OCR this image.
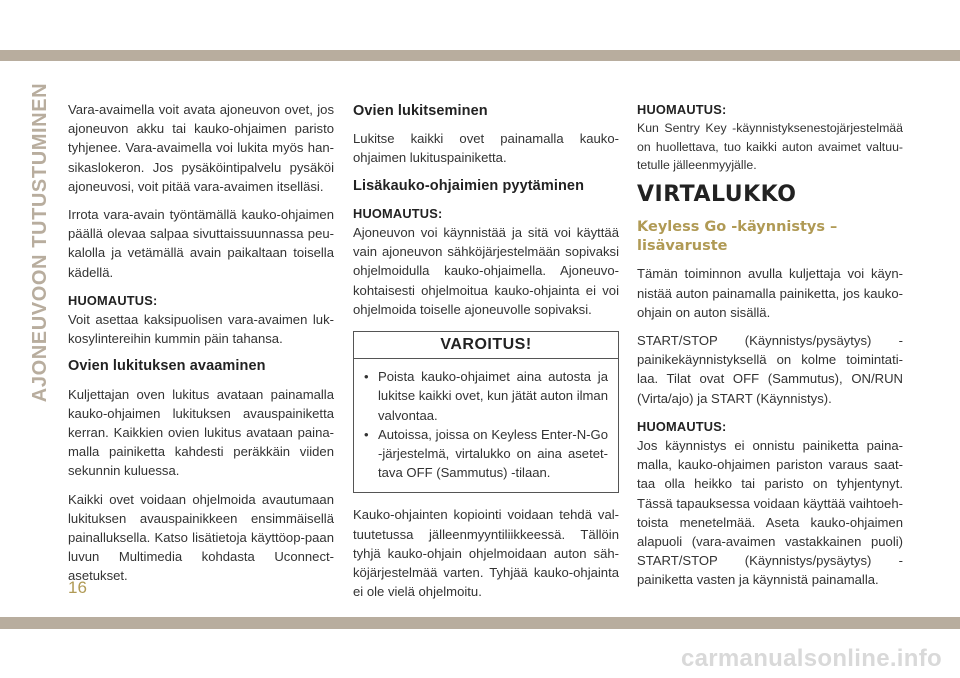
AJONEUVOON TUTUSTUMINEN Vara-avaimella voit avata ajoneuvon ovet, jos ajoneuvon akku tai kauko-ohjaimen paristo tyhjenee. Vara-avaimella voi lukita myös han-sikaslokeron. Jos pysäköintipalvelu pysäköi ajoneuvosi, voit pitää vara-avaimen itselläsi.

Irrota vara-avain työntämällä kauko-ohjaimen päällä olevaa salpaa sivuttaissuunnassa peu-kalolla ja vetämällä avain paikaltaan toisella kädellä.

HUOMAUTUS:

Voit asettaa kaksipuolisen vara-avaimen luk-kosylintereihin kummin päin tahansa.

Ovien lukituksen avaaminen

Kuljettajan oven lukitus avataan painamalla kauko-ohjaimen lukituksen avauspainiketta kerran. Kaikkien ovien lukitus avataan paina-malla painiketta kahdesti peräkkäin viiden sekunnin kuluessa.

Kaikki ovet voidaan ohjelmoida avautumaan lukituksen avauspainikkeen ensimmäisellä painalluksella. Katso lisätietoja käyttöop-paan luvun Multimedia kohdasta Uconnect-asetukset.

Ovien lukitseminen

Lukitse kaikki ovet painamalla kauko-ohjaimen lukituspainiketta.

Lisäkauko-ohjaimien pyytäminen
HUOMAUTUS:

Ajoneuvon voi käynnistää ja sitä voi käyttää vain ajoneuvon sähköjärjestelmään sopivaksi ohjelmoidulla kauko-ohjaimella. Ajoneuvo-kohtaisesti ohjelmoitua kauko-ohjainta ei voi ohjelmoida toiselle ajoneuvolle sopivaksi.

VAROITUS!
• Poista kauko-ohjaimet aina autosta ja lukitse kaikki ovet, kun jätät auton ilman valvontaa.
• Autoissa, joissa on Keyless Enter-N-Go -järjestelmä, virtalukko on aina asetet-tava OFF (Sammutus) -tilaan.

Kauko-ohjainten kopiointi voidaan tehdä val-tuutetussa jälleenmyyntiliikkeessä. Tällöin tyhjä kauko-ohjain ohjelmoidaan auton säh-köjärjestelmää varten. Tyhjää kauko-ohjainta ei ole vielä ohjelmoitu.

HUOMAUTUS:

Kun Sentry Key -käynnistyksenestojärjestelmää on huollettava, tuo kaikki auton avaimet valtuu-tetulle jälleenmyyjälle.

VIRTALUKKO
Keyless Go -käynnistys – lisävaruste

Tämän toiminnon avulla kuljettaja voi käyn-nistää auton painamalla painiketta, jos kauko-ohjain on auton sisällä.

START/STOP (Käynnistys/pysäytys) -painikekäynnistyksellä on kolme toimintati-laa. Tilat ovat OFF (Sammutus), ON/RUN (Virta/ajo) ja START (Käynnistys).

HUOMAUTUS:

Jos käynnistys ei onnistu painiketta paina-malla, kauko-ohjaimen pariston varaus saat-taa olla heikko tai paristo on tyhjentynyt. Tässä tapauksessa voidaan käyttää vaihtoeh-toista menetelmää. Aseta kauko-ohjaimen alapuoli (vara-avaimen vastakkainen puoli) START/STOP (Käynnistys/pysäytys) -painiketta vasten ja käynnistä painamalla.

16
carmanualsonline.info
